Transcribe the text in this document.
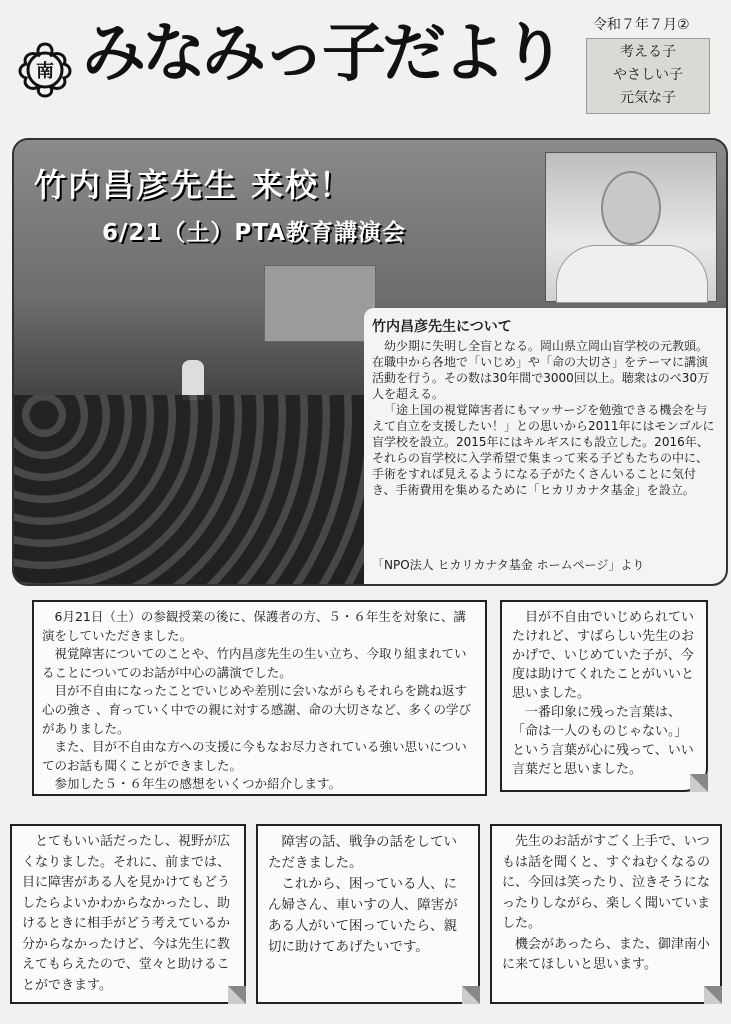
南 みなみっ子だより 令和７年７月②
考える子
やさしい子
元気な子
竹内昌彦先生 来校！
6/21（土）PTA教育講演会
竹内昌彦先生について

幼少期に失明し全盲となる。岡山県立岡山盲学校の元教頭。在職中から各地で「いじめ」や「命の大切さ」をテーマに講演活動を行う。その数は30年間で3000回以上。聴衆はのべ30万人を超える。

「途上国の視覚障害者にもマッサージを勉強できる機会を与えて自立を支援したい！」との思いから2011年にはモンゴルに盲学校を設立。2015年にはキルギスにも設立した。2016年、それらの盲学校に入学希望で集まって来る子どもたちの中に、手術をすれば見えるようになる子がたくさんいることに気付き、手術費用を集めるために「ヒカリカナタ基金」を設立。

「NPO法人 ヒカリカナタ基金 ホームページ」より

6月21日（土）の参観授業の後に、保護者の方、５・６年生を対象に、講演をしていただきました。

視覚障害についてのことや、竹内昌彦先生の生い立ち、今取り組まれていることについてのお話が中心の講演でした。

目が不自由になったことでいじめや差別に会いながらもそれらを跳ね返す心の強さ 、育っていく中での親に対する感謝、命の大切さなど、多くの学びがありました。

また、目が不自由な方への支援に今もなお尽力されている強い思いについてのお話も聞くことができました。

参加した５・６年生の感想をいくつか紹介します。

目が不自由でいじめられていたけれど、すばらしい先生のおかげで、いじめていた子が、今度は助けてくれたことがいいと思いました。

一番印象に残った言葉は、「命は一人のものじゃない。」という言葉が心に残って、いい言葉だと思いました。

とてもいい話だったし、視野が広くなりました。それに、前までは、目に障害がある人を見かけてもどうしたらよいかわからなかったし、助けるときに相手がどう考えているか分からなかったけど、今は先生に教えてもらえたので、堂々と助けることができます。

障害の話、戦争の話をしていただきました。

これから、困っている人、にん婦さん、車いすの人、障害がある人がいて困っていたら、親切に助けてあげたいです。

先生のお話がすごく上手で、いつもは話を聞くと、すぐねむくなるのに、今回は笑ったり、泣きそうになったりしながら、楽しく聞いていました。

機会があったら、また、御津南小に来てほしいと思います。
